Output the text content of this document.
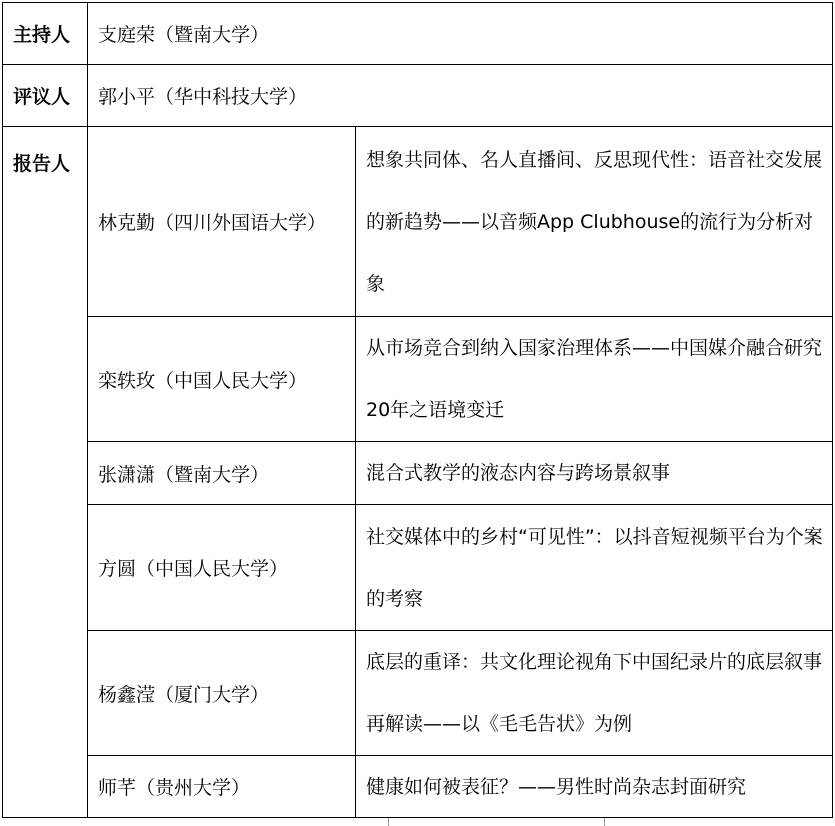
主持人	支庭荣（暨南大学）	
评议人	郭小平（华中科技大学）	
报告人	林克勤（四川外国语大学）	想象共同体、名人直播间、反思现代性：语音社交发展的新趋势——以音频App Clubhouse的流行为分析对象
	栾轶玫（中国人民大学）	从市场竞合到纳入国家治理体系——中国媒介融合研究20年之语境变迁
	张潇潇（暨南大学）	混合式教学的液态内容与跨场景叙事
	方圆（中国人民大学）	社交媒体中的乡村“可见性”：以抖音短视频平台为个案的考察
	杨鑫滢（厦门大学）	底层的重译：共文化理论视角下中国纪录片的底层叙事再解读——以《毛毛告状》为例
	师芊（贵州大学）	健康如何被表征？——男性时尚杂志封面研究
